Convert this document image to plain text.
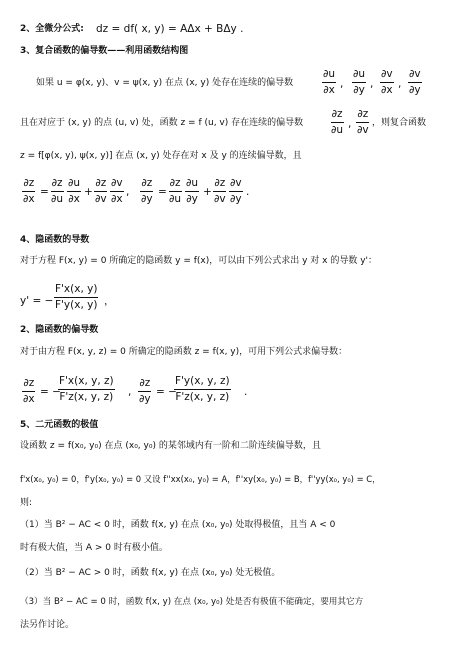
2、全微分公式: dz = df( x, y) = AΔx + BΔy .
3、复合函数的偏导数——利用函数结构图
如果 u = φ(x, y)、v = ψ(x, y) 在点 (x, y) 处存在连续的偏导数	$\frac{\partial u}{\partial x}$ , $\frac{\partial u}{\partial y}$ , $\frac{\partial v}{\partial x}$ , $\frac{\partial v}{\partial y}$
且在对应于 (x, y) 的点 (u, v) 处，函数 z = f (u, v) 存在连续的偏导数	$\frac{\partial z}{\partial u}$ , $\frac{\partial z}{\partial v}$ ，则复合函数
z = f[φ(x, y), ψ(x, y)] 在点 (x, y) 处存在对 x 及 y 的连续偏导数，且
$\frac{\partial z}{\partial x} = \frac{\partial z}{\partial u} \frac{\partial u}{\partial x} + \frac{\partial z}{\partial v} \frac{\partial v}{\partial x}$ , $\frac{\partial z}{\partial y} = \frac{\partial z}{\partial u} \frac{\partial u}{\partial y} + \frac{\partial z}{\partial v} \frac{\partial v}{\partial y}$ .
4、隐函数的导数
对于方程 F(x, y) = 0 所确定的隐函数 y = f(x)，可以由下列公式求出 y 对 x 的导数 y'：
y' = − $\frac{F'x(x, y)}{F'y(x, y)}$ ，
2、隐函数的偏导数
对于由方程 F(x, y, z) = 0 所确定的隐函数 z = f(x, y)，可用下列公式求偏导数：
$\frac{\partial z}{\partial x}$ = −
$\frac{F'x(x, y, z)}{F'z(x, y, z)}$ , $\frac{\partial z}{\partial y}$ = −
$\frac{F'y(x, y, z)}{F'z(x, y, z)}$ .
5、二元函数的极值
设函数 z = f(x₀, y₀) 在点 (x₀, y₀) 的某邻域内有一阶和二阶连续偏导数，且
f'x(x₀, y₀) = 0，f'y(x₀, y₀) = 0 又设 f''xx(x₀, y₀) = A，f''xy(x₀, y₀) = B，f''yy(x₀, y₀) = C，
则:
（1）当 B² − AC < 0 时，函数 f(x, y) 在点 (x₀, y₀) 处取得极值，且当 A < 0
时有极大值，当 A > 0 时有极小值。
（2）当 B² − AC > 0 时，函数 f(x, y) 在点 (x₀, y₀) 处无极值。
（3）当 B² − AC = 0 时，函数 f(x, y) 在点 (x₀, y₀) 处是否有极值不能确定，要用其它方
法另作讨论。
